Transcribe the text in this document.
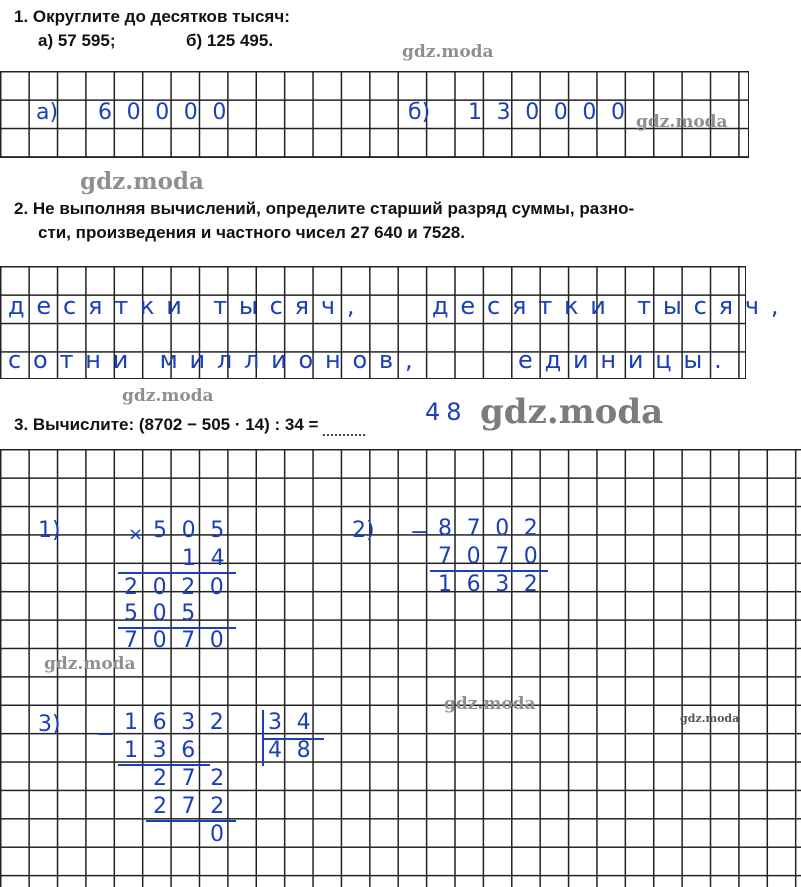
1. Округлите до десятков тысяч:
а) 57 595;	б) 125 495.
а) 60000	б) 130000
2. Не выполняя вычислений, определите старший разряд суммы, разно-
сти, произведения и частного чисел 27 640 и 7528.
десятки тысяч,	десятки тысяч,
сотни миллионов,	единицы.
3. Вычислите: (8702 − 505 · 14) : 34 =	48
1)	× 505
14
2020
505
7070
2) − 8702
7070
1632
3) − 1632 34
48
136
272
272
0
gdz.moda
gdz.moda
gdz.moda
gdz.moda	gdz.moda
gdz.moda
gdz.moda
gdz.moda
